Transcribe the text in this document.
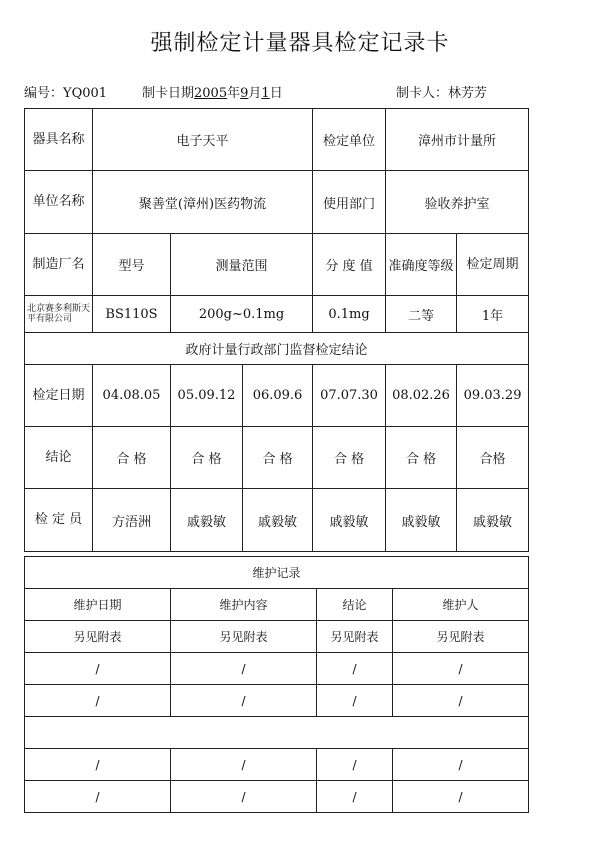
强制检定计量器具检定记录卡
编号：YQ001	制卡日期2005年9月1日	制卡人：林芳芳
器具名称	电子天平			检定单位	漳州市计量所	
单位名称	聚善堂(漳州)医药物流			使用部门	验收养护室	
制造厂名	型号	测量范围		分 度 值	准确度等级	检定周期
北京赛多利斯天平有限公司	BS110S	200g~0.1mg		0.1mg	二等	1年
政府计量行政部门监督检定结论						
检定日期	04.08.05	05.09.12	06.09.6	07.07.30	08.02.26	09.03.29
结论	合 格	合 格	合 格	合 格	合 格	合格
检 定 员	方浯洲	戚毅敏	戚毅敏	戚毅敏	戚毅敏	戚毅敏
维护记录			
维护日期	维护内容	结论	维护人
另见附表	另见附表	另见附表	另见附表
/	/	/	/
/	/	/	/

/	/	/	/
/	/	/	/
